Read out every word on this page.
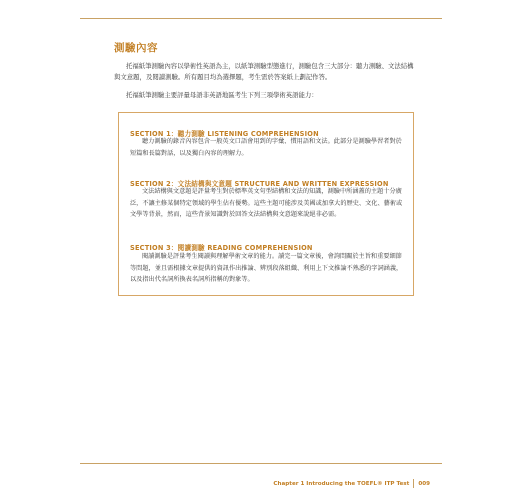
測驗內容
托福紙筆測驗內容以學術性英語為主，以紙筆測驗型態進行，測驗包含三大部分：聽力測驗、文法結構與文意題，及閱讀測驗。所有題目均為選擇題，考生需於答案紙上劃記作答。
托福紙筆測驗主要評量母語非英語地區考生下列三項學術英語能力：
SECTION 1：聽力測驗 LISTENING COMPREHENSION
聽力測驗的錄音內容包含一般英文口語會用到的字彙、慣用語和文法。此部分是測驗學習者對於短篇和長篇對話，以及獨白內容的理解力。
SECTION 2：文法結構與文意題 STRUCTURE AND WRITTEN EXPRESSION
文法結構與文意題是評量考生對於標準英文句型結構和文法的知識，測驗中所涵蓋的主題十分廣泛，不讓主修某個特定領域的學生佔有優勢。這些主題可能涉及美國或加拿大的歷史、文化、藝術或文學等背景，然而，這些背景知識對於回答文法結構與文意題來說絕非必需。
SECTION 3：閱讀測驗 READING COMPREHENSION
閱讀測驗是評量考生閱讀與理解學術文章的能力。讀完一篇文章後，會詢問關於主旨和重要細節等問題，並且需根據文章提供的資訊作出推論、辨別段落組織、利用上下文推論不熟悉的字詞涵義，以及指出代名詞所換表名詞所指稱的對象等。
Chapter 1 Introducing the TOEFL® ITP Test 009
